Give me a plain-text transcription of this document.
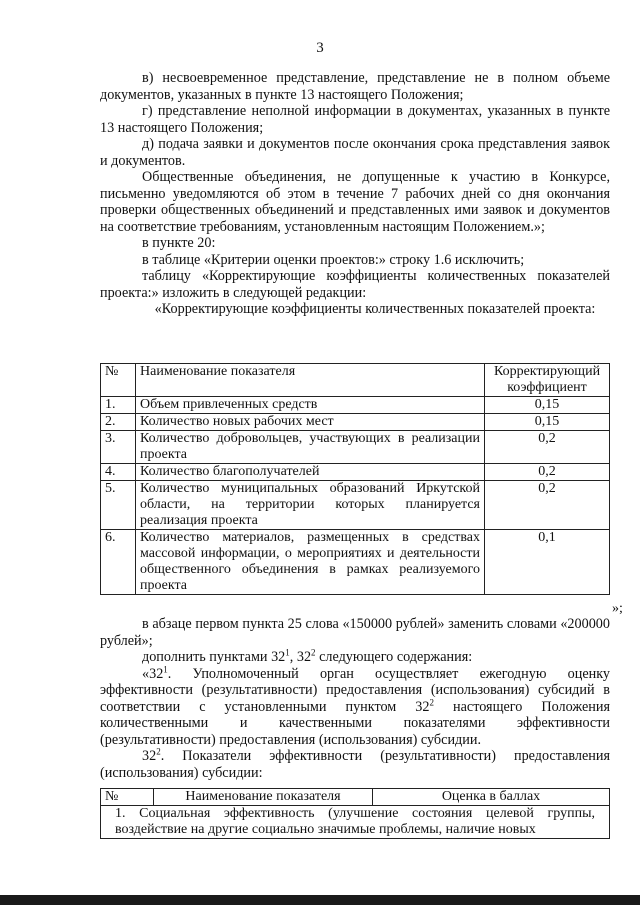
3

в) несвоевременное представление, представление не в полном объеме документов, указанных в пункте 13 настоящего Положения;

г) представление неполной информации в документах, указанных в пункте 13 настоящего Положения;

д) подача заявки и документов после окончания срока представления заявок и документов.

Общественные объединения, не допущенные к участию в Конкурсе, письменно уведомляются об этом в течение 7 рабочих дней со дня окончания проверки общественных объединений и представленных ими заявок и документов на соответствие требованиям, установленным настоящим Положением.»;

в пункте 20:

в таблице «Критерии оценки проектов:» строку 1.6 исключить;

таблицу «Корректирующие коэффициенты количественных показателей проекта:» изложить в следующей редакции:

«Корректирующие коэффициенты количественных показателей проекта:

№	Наименование показателя	Корректирующий коэффициент
1.	Объем привлеченных средств	0,15
2.	Количество новых рабочих мест	0,15
3.	Количество добровольцев, участвующих в реализации проекта	0,2
4.	Количество благополучателей	0,2
5.	Количество муниципальных образований Иркутской области, на территории которых планируется реализация проекта	0,2
6.	Количество материалов, размещенных в средствах массовой информации, о мероприятиях и деятельности общественного объединения в рамках реализуемого проекта	0,1
»;

в абзаце первом пункта 25 слова «150000 рублей» заменить словами «200000 рублей»;

дополнить пунктами $32^1$, $32^2$ следующего содержания:

«$32^1$. Уполномоченный орган осуществляет ежегодную оценку эффективности (результативности) предоставления (использования) субсидий в соответствии с установленными пунктом $32^2$ настоящего Положения количественными и качественными показателями эффективности (результативности) предоставления (использования) субсидии.

$32^2$. Показатели эффективности (результативности) предоставления (использования) субсидии:

№	Наименование показателя	Оценка в баллах
1. Социальная эффективность (улучшение состояния целевой группы, воздействие на другие социально значимые проблемы, наличие новых
